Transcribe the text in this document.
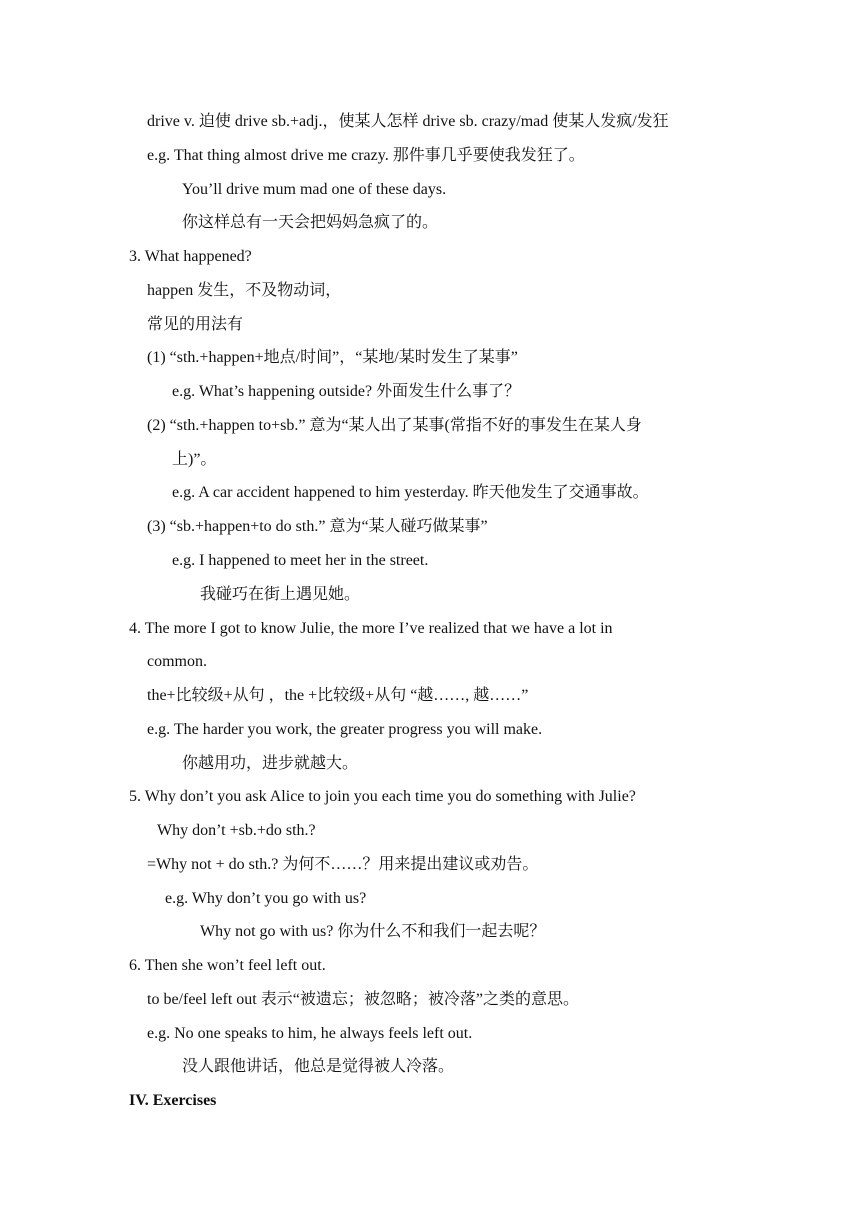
drive v. 迫使 drive sb.+adj.，使某人怎样 drive sb. crazy/mad 使某人发疯/发狂
e.g. That thing almost drive me crazy. 那件事几乎要使我发狂了。
You’ll drive mum mad one of these days.
你这样总有一天会把妈妈急疯了的。
3. What happened?
happen 发生，不及物动词，
常见的用法有
(1) “sth.+happen+地点/时间”，“某地/某时发生了某事”
e.g. What’s happening outside? 外面发生什么事了？
(2) “sth.+happen to+sb.” 意为“某人出了某事(常指不好的事发生在某人身
上)”。
e.g. A car accident happened to him yesterday. 昨天他发生了交通事故。
(3) “sb.+happen+to do sth.” 意为“某人碰巧做某事”
e.g. I happened to meet her in the street.
我碰巧在街上遇见她。
4. The more I got to know Julie, the more I’ve realized that we have a lot in
common.
the+比较级+从句 ，the +比较级+从句 “越……, 越……”
e.g. The harder you work, the greater progress you will make.
你越用功，进步就越大。
5. Why don’t you ask Alice to join you each time you do something with Julie?
Why don’t +sb.+do sth.?
=Why not + do sth.? 为何不……？用来提出建议或劝告。
e.g. Why don’t you go with us?
Why not go with us? 你为什么不和我们一起去呢？
6. Then she won’t feel left out.
to be/feel left out 表示“被遗忘；被忽略；被冷落”之类的意思。
e.g. No one speaks to him, he always feels left out.
没人跟他讲话，他总是觉得被人冷落。
IV. Exercises
